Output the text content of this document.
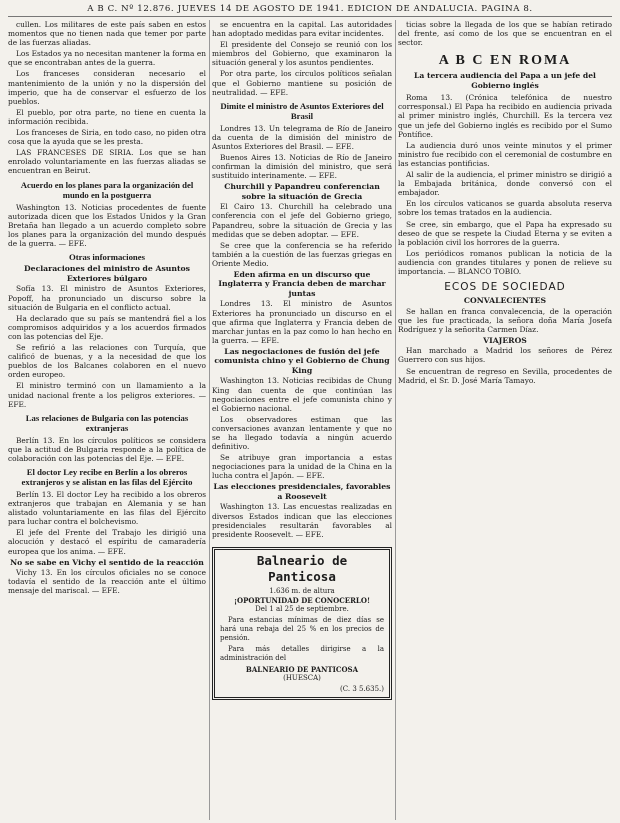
A B C. Nº 12.876. JUEVES 14 DE AGOSTO DE 1941. EDICION DE ANDALUCIA. PAGINA 8.

cullen. Los militares de este país saben en estos momentos que no tienen nada que temer por parte de las fuerzas aliadas.

Los Estados ya no necesitan mantener la forma en que se encontraban antes de la guerra.

Los franceses consideran necesario el mantenimiento de la unión y no la dispersión del imperio, que ha de conservar el esfuerzo de los pueblos.

El pueblo, por otra parte, no tiene en cuenta la información recibida.

Los franceses de Siria, en todo caso, no piden otra cosa que la ayuda que se les presta.

LAS FRANCESES DE SIRIA. Los que se han enrolado voluntariamente en las fuerzas aliadas se encuentran en Beirut.

Acuerdo en los planes para la organización del mundo en la postguerra

Washington 13. Noticias procedentes de fuente autorizada dicen que los Estados Unidos y la Gran Bretaña han llegado a un acuerdo completo sobre los planes para la organización del mundo después de la guerra. — EFE.

Otras informaciones
Declaraciones del ministro de Asuntos Exteriores búlgaro

Sofía 13. El ministro de Asuntos Exteriores, Popoff, ha pronunciado un discurso sobre la situación de Bulgaria en el conflicto actual.

Ha declarado que su país se mantendrá fiel a los compromisos adquiridos y a los acuerdos firmados con las potencias del Eje.

Se refirió a las relaciones con Turquía, que calificó de buenas, y a la necesidad de que los pueblos de los Balcanes colaboren en el nuevo orden europeo.

El ministro terminó con un llamamiento a la unidad nacional frente a los peligros exteriores. — EFE.

Las relaciones de Bulgaria con las potencias extranjeras

Berlín 13. En los círculos políticos se considera que la actitud de Bulgaria responde a la política de colaboración con las potencias del Eje. — EFE.

El doctor Ley recibe en Berlín a los obreros extranjeros y se alistan en las filas del Ejército

Berlín 13. El doctor Ley ha recibido a los obreros extranjeros que trabajan en Alemania y se han alistado voluntariamente en las filas del Ejército para luchar contra el bolchevismo.

El jefe del Frente del Trabajo les dirigió una alocución y destacó el espíritu de camaradería europea que los anima. — EFE.

No se sabe en Vichy el sentido de la reacción

Vichy 13. En los círculos oficiales no se conoce todavía el sentido de la reacción ante el último mensaje del mariscal. — EFE.

se encuentra en la capital. Las autoridades han adoptado medidas para evitar incidentes.

El presidente del Consejo se reunió con los miembros del Gobierno, que examinaron la situación general y los asuntos pendientes.

Por otra parte, los círculos políticos señalan que el Gobierno mantiene su posición de neutralidad. — EFE.

Dimite el ministro de Asuntos Exteriores del Brasil

Londres 13. Un telegrama de Río de Janeiro da cuenta de la dimisión del ministro de Asuntos Exteriores del Brasil. — EFE.

Buenos Aires 13. Noticias de Río de Janeiro confirman la dimisión del ministro, que será sustituido interinamente. — EFE.

Churchill y Papandreu conferencian sobre la situación de Grecia

El Cairo 13. Churchill ha celebrado una conferencia con el jefe del Gobierno griego, Papandreu, sobre la situación de Grecia y las medidas que se deben adoptar. — EFE.

Se cree que la conferencia se ha referido también a la cuestión de las fuerzas griegas en Oriente Medio.

Eden afirma en un discurso que Inglaterra y Francia deben de marchar juntas

Londres 13. El ministro de Asuntos Exteriores ha pronunciado un discurso en el que afirma que Inglaterra y Francia deben de marchar juntas en la paz como lo han hecho en la guerra. — EFE.

Las negociaciones de fusión del jefe comunista chino y el Gobierno de Chung King

Washington 13. Noticias recibidas de Chung King dan cuenta de que continúan las negociaciones entre el jefe comunista chino y el Gobierno nacional.

Los observadores estiman que las conversaciones avanzan lentamente y que no se ha llegado todavía a ningún acuerdo definitivo.

Se atribuye gran importancia a estas negociaciones para la unidad de la China en la lucha contra el Japón. — EFE.

Las elecciones presidenciales, favorables a Roosevelt

Washington 13. Las encuestas realizadas en diversos Estados indican que las elecciones presidenciales resultarán favorables al presidente Roosevelt. — EFE.

Balneario de Panticosa

1.636 m. de altura

¡OPORTUNIDAD DE CONOCERLO!

Del 1 al 25 de septiembre.

Para estancias mínimas de diez días se hará una rebaja del 25 % en los precios de pensión.

Para más detalles dirigirse a la administración del

BALNEARIO DE PANTICOSA

(HUESCA)

(C. 3 5.635.)

ticias sobre la llegada de los que se habían retirado del frente, así como de los que se encuentran en el sector.

A B C EN ROMA
La tercera audiencia del Papa a un jefe del Gobierno inglés

Roma 13. (Crónica telefónica de nuestro corresponsal.) El Papa ha recibido en audiencia privada al primer ministro inglés, Churchill. Es la tercera vez que un jefe del Gobierno inglés es recibido por el Sumo Pontífice.

La audiencia duró unos veinte minutos y el primer ministro fue recibido con el ceremonial de costumbre en las estancias pontificias.

Al salir de la audiencia, el primer ministro se dirigió a la Embajada británica, donde conversó con el embajador.

En los círculos vaticanos se guarda absoluta reserva sobre los temas tratados en la audiencia.

Se cree, sin embargo, que el Papa ha expresado su deseo de que se respete la Ciudad Eterna y se eviten a la población civil los horrores de la guerra.

Los periódicos romanos publican la noticia de la audiencia con grandes titulares y ponen de relieve su importancia. — BLANCO TOBIO.

ECOS DE SOCIEDAD
CONVALECIENTES

Se hallan en franca convalecencia, de la operación que les fue practicada, la señora doña María Josefa Rodríguez y la señorita Carmen Díaz.

VIAJEROS

Han marchado a Madrid los señores de Pérez Guerrero con sus hijos.

Se encuentran de regreso en Sevilla, procedentes de Madrid, el Sr. D. José María Tamayo.
